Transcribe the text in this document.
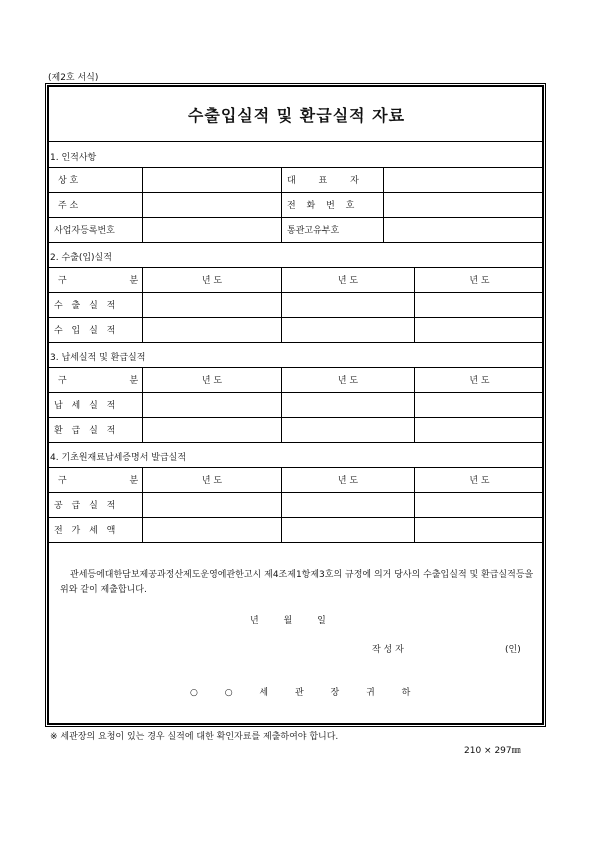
(제2호 서식)
수출입실적 및 환급실적 자료
1. 인적사항
상 호	대 표 자
주 소	전 화 번 호
사업자등록번호	통관고유부호
2. 수출(입)실적
구 분	년 도	년 도	년 도
수 출 실 적
수 입 실 적
3. 납세실적 및 환급실적
구 분	년 도	년 도	년 도
납 세 실 적
환 급 실 적
4. 기초원재료납세증명서 발급실적
구 분	년 도	년 도	년 도
공 급 실 적
전 가 세 액
관세등에대한담보제공과정산제도운영에관한고시 제4조제1항제3호의 규정에 의거 당사의 수출입실적 및 환급실적등을 위와 같이 제출합니다.
년 월 일
작 성 자	(인)
○ ○ 세 관 장 귀 하
※ 세관장의 요청이 있는 경우 실적에 대한 확인자료를 제출하여야 합니다.
210 × 297㎜
